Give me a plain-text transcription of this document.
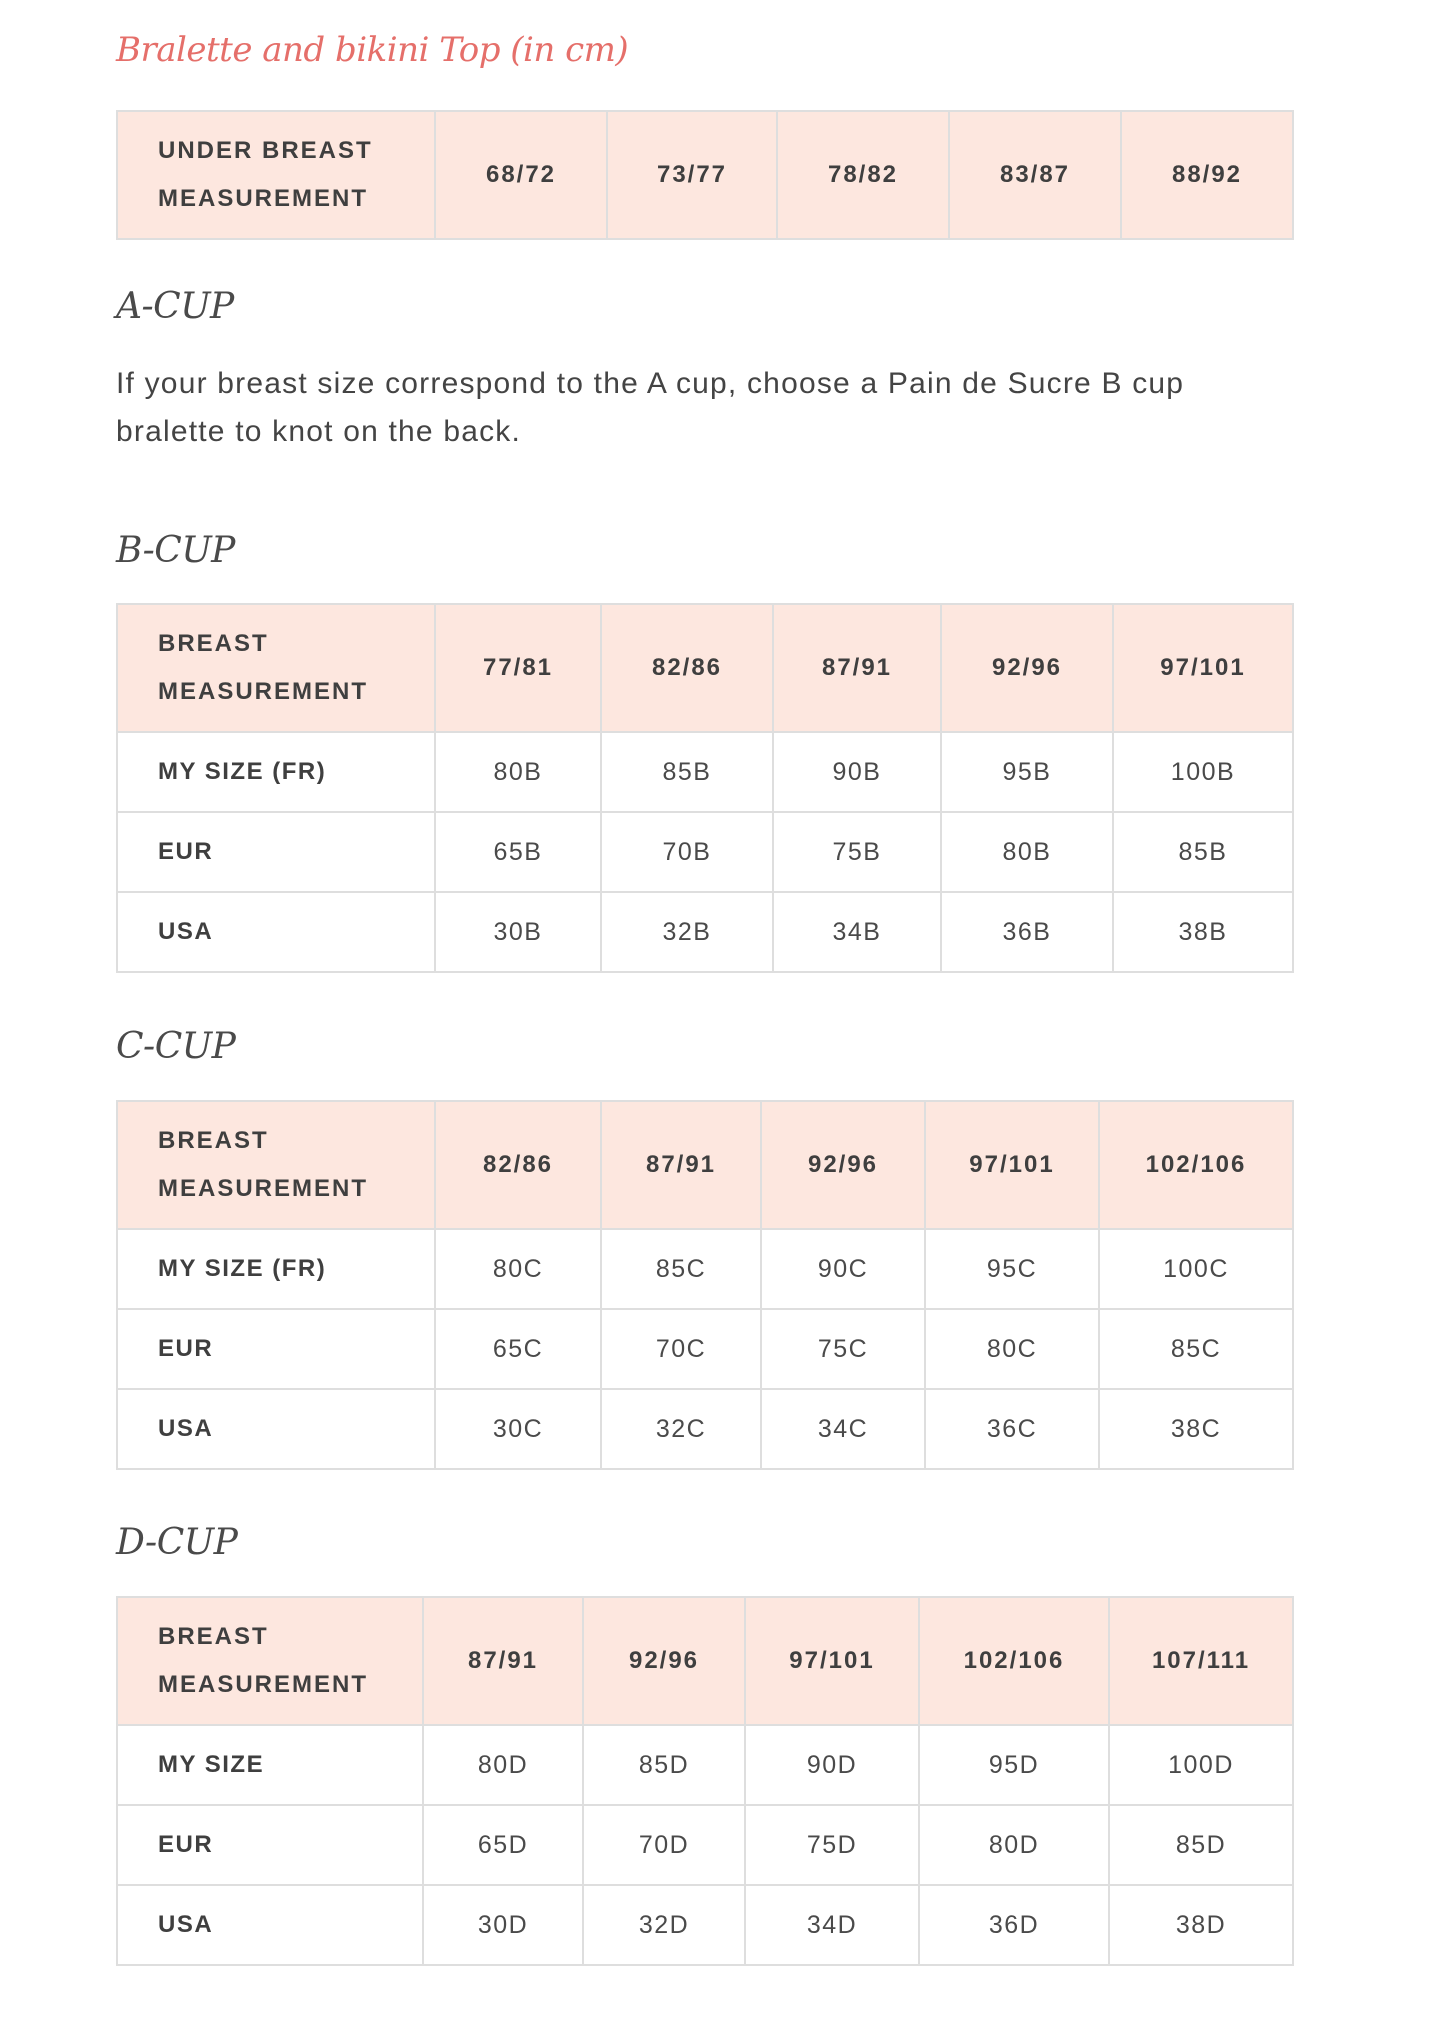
Bralette and bikini Top (in cm)
UNDER BREAST
MEASUREMENT
	68/72	73/77	78/82	83/87	88/92
A-CUP

If your breast size correspond to the A cup, choose a Pain de Sucre B cup bralette to knot on the back.

B-CUP
BREAST
MEASUREMENT	77/81	82/86	87/91	92/96	97/101
MY SIZE (FR)	80B	85B	90B	95B	100B
EUR	65B	70B	75B	80B	85B
USA	30B	32B	34B	36B	38B
C-CUP
BREAST
MEASUREMENT	82/86	87/91	92/96	97/101	102/106
MY SIZE (FR)	80C	85C	90C	95C	100C
EUR	65C	70C	75C	80C	85C
USA	30C	32C	34C	36C	38C
D-CUP
BREAST
MEASUREMENT	87/91	92/96	97/101	102/106	107/111
MY SIZE	80D	85D	90D	95D	100D
EUR	65D	70D	75D	80D	85D
USA	30D	32D	34D	36D	38D
